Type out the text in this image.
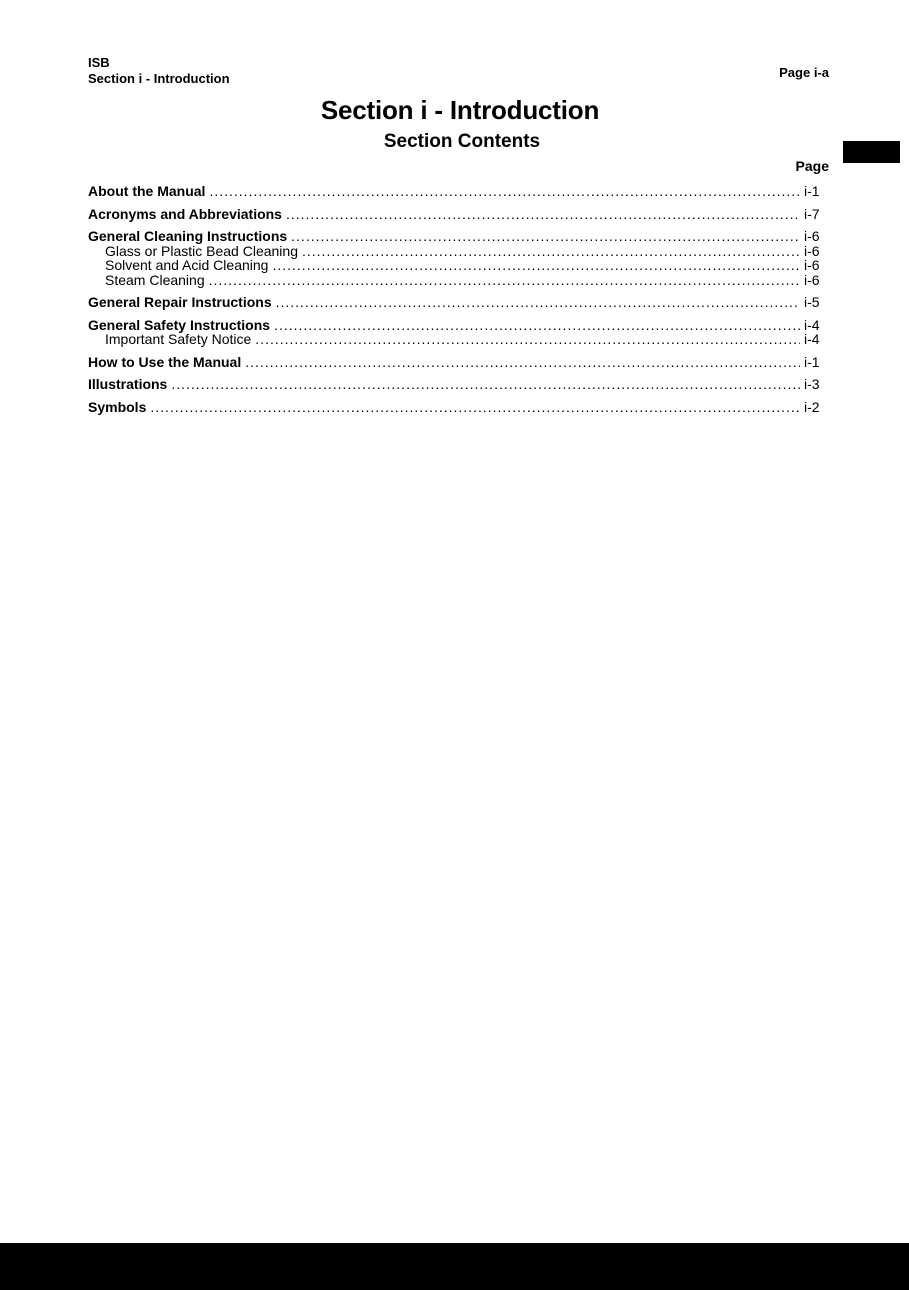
ISB
Section i - Introduction	Page i-a
Section i - Introduction
Section Contents
Page
About the Manual .....	i-1
Acronyms and Abbreviations .....	i-7
General Cleaning Instructions .....	i-6
Glass or Plastic Bead Cleaning .....	i-6
Solvent and Acid Cleaning .....	i-6
Steam Cleaning .....	i-6
General Repair Instructions .....	i-5
General Safety Instructions .....	i-4
Important Safety Notice .....	i-4
How to Use the Manual .....	i-1
Illustrations .....	i-3
Symbols .....	i-2
